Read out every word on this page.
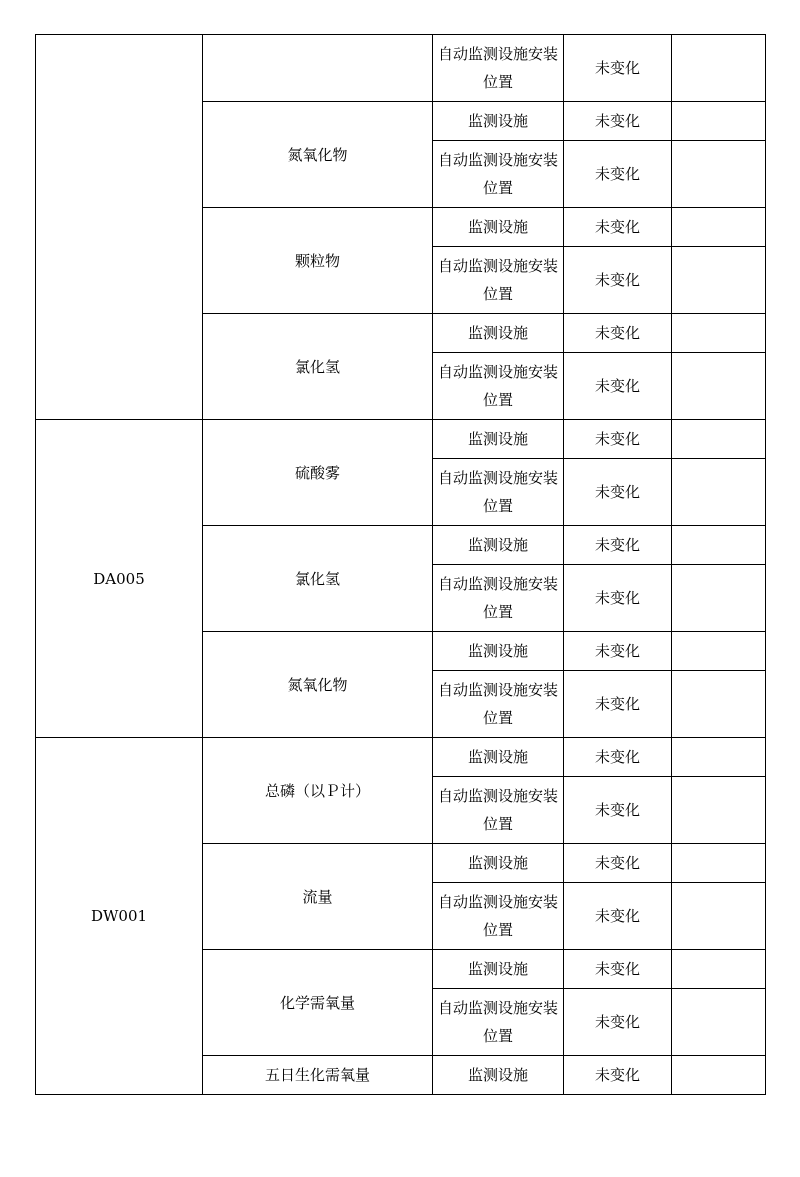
		自动监测设施安装位置	未变化	
	氮氧化物	监测设施	未变化	
		自动监测设施安装位置	未变化	
	颗粒物	监测设施	未变化	
		自动监测设施安装位置	未变化	
	氯化氢	监测设施	未变化	
		自动监测设施安装位置	未变化	
DA005	硫酸雾	监测设施	未变化	
		自动监测设施安装位置	未变化	
	氯化氢	监测设施	未变化	
		自动监测设施安装位置	未变化	
	氮氧化物	监测设施	未变化	
		自动监测设施安装位置	未变化	
DW001	总磷（以Ｐ计）	监测设施	未变化	
		自动监测设施安装位置	未变化	
	流量	监测设施	未变化	
		自动监测设施安装位置	未变化	
	化学需氧量	监测设施	未变化	
		自动监测设施安装位置	未变化	
	五日生化需氧量	监测设施	未变化	
